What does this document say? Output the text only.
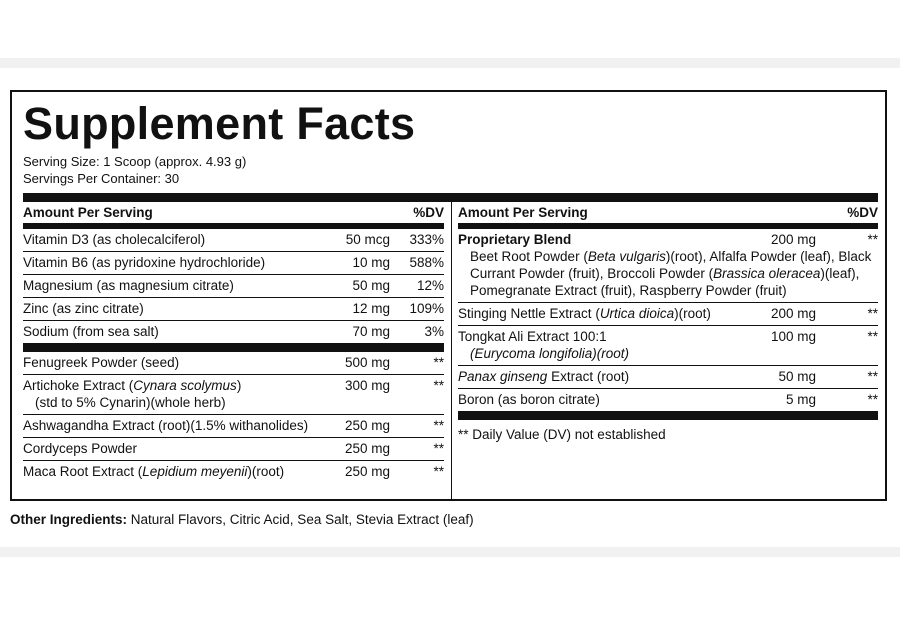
Supplement Facts
Serving Size: 1 Scoop (approx. 4.93 g)
Servings Per Container: 30
Amount Per Serving	%DV
Vitamin D3 (as cholecalciferol)	50 mcg 333%
Vitamin B6 (as pyridoxine hydrochloride)	10 mg 588%
Magnesium (as magnesium citrate)	50 mg 12%
Zinc (as zinc citrate)	12 mg 109%
Sodium (from sea salt)	70 mg	3%
Fenugreek Powder (seed)	500 mg	**
Artichoke Extract (Cynara scolymus)
(std to 5% Cynarin)(whole herb)
300 mg	**
Ashwagandha Extract (root)(1.5% withanolides)	250 mg	**
Cordyceps Powder	250 mg	**
Maca Root Extract (Lepidium meyenii)(root)	250 mg	**
Amount Per Serving	%DV
Proprietary Blend
Beet Root Powder (Beta vulgaris)(root), Alfalfa Powder (leaf), Black Currant Powder (fruit), Broccoli Powder (Brassica oleracea)(leaf), Pomegranate Extract (fruit), Raspberry Powder (fruit)
200 mg	**
Stinging Nettle Extract (Urtica dioica)(root)	200 mg	**
Tongkat Ali Extract 100:1
(Eurycoma longifolia)(root)
100 mg	**
Panax ginseng Extract (root)	50 mg	**
Boron (as boron citrate)	5 mg	**
** Daily Value (DV) not established
Other Ingredients: Natural Flavors, Citric Acid, Sea Salt, Stevia Extract (leaf)
